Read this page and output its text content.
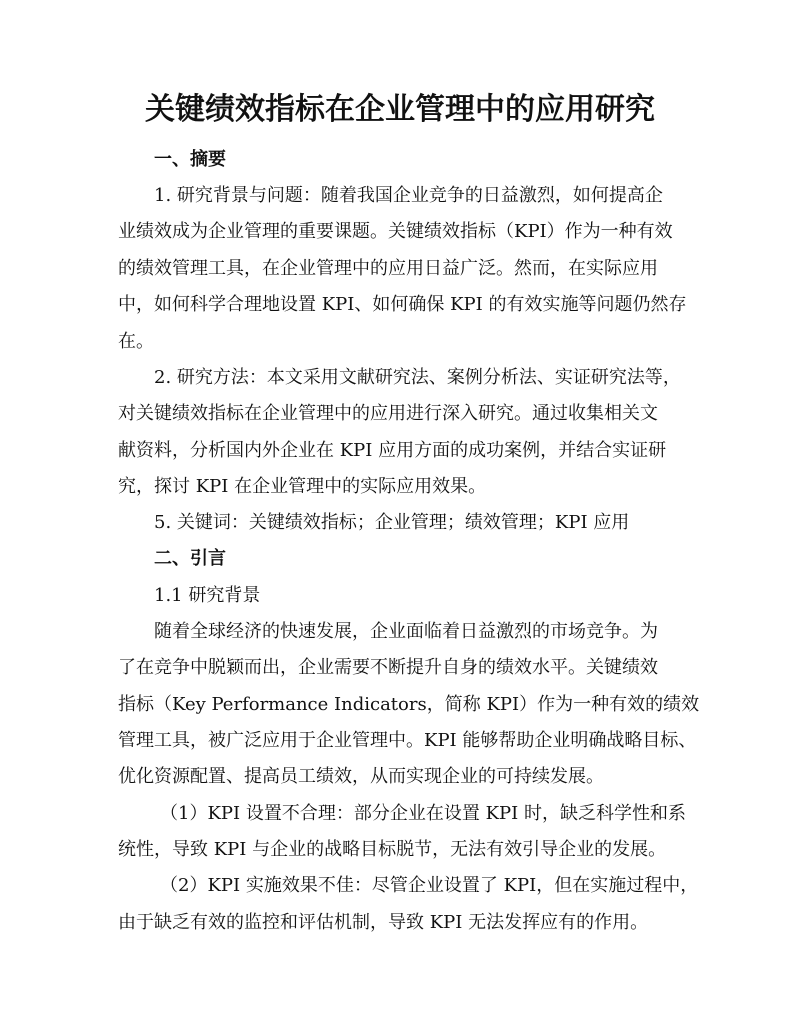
关键绩效指标在企业管理中的应用研究

一、摘要

1. 研究背景与问题：随着我国企业竞争的日益激烈，如何提高企

业绩效成为企业管理的重要课题。关键绩效指标（KPI）作为一种有效

的绩效管理工具，在企业管理中的应用日益广泛。然而，在实际应用

中，如何科学合理地设置 KPI、如何确保 KPI 的有效实施等问题仍然存

在。

2. 研究方法：本文采用文献研究法、案例分析法、实证研究法等，

对关键绩效指标在企业管理中的应用进行深入研究。通过收集相关文

献资料，分析国内外企业在 KPI 应用方面的成功案例，并结合实证研

究，探讨 KPI 在企业管理中的实际应用效果。

5. 关键词：关键绩效指标；企业管理；绩效管理；KPI 应用

二、引言

1.1 研究背景

随着全球经济的快速发展，企业面临着日益激烈的市场竞争。为

了在竞争中脱颖而出，企业需要不断提升自身的绩效水平。关键绩效

指标（Key Performance Indicators，简称 KPI）作为一种有效的绩效

管理工具，被广泛应用于企业管理中。KPI 能够帮助企业明确战略目标、

优化资源配置、提高员工绩效，从而实现企业的可持续发展。

（1）KPI 设置不合理：部分企业在设置 KPI 时，缺乏科学性和系

统性，导致 KPI 与企业的战略目标脱节，无法有效引导企业的发展。

（2）KPI 实施效果不佳：尽管企业设置了 KPI，但在实施过程中，

由于缺乏有效的监控和评估机制，导致 KPI 无法发挥应有的作用。
